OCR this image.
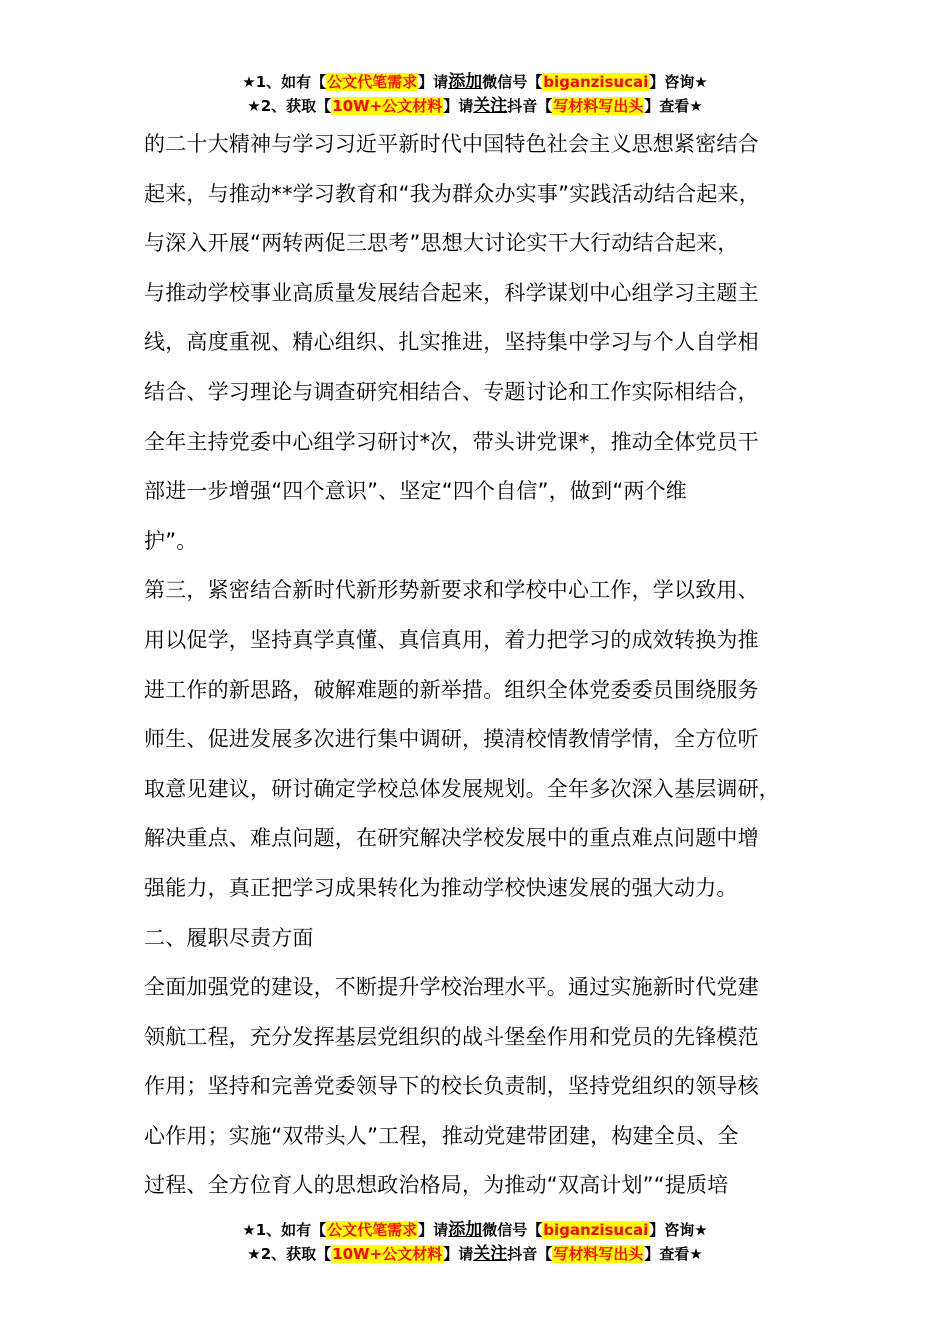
★1、如有【公文代笔需求】请添加微信号【biganzisucai】咨询★
★2、获取【10W+公文材料】请关注抖音【写材料写出头】查看★

的二十大精神与学习习近平新时代中国特色社会主义思想紧密结合

起来，与推动**学习教育和“我为群众办实事”实践活动结合起来，

与深入开展“两转两促三思考”思想大讨论实干大行动结合起来，

与推动学校事业高质量发展结合起来，科学谋划中心组学习主题主

线，高度重视、精心组织、扎实推进，坚持集中学习与个人自学相

结合、学习理论与调查研究相结合、专题讨论和工作实际相结合，

全年主持党委中心组学习研讨*次，带头讲党课*，推动全体党员干

部进一步增强“四个意识”、坚定“四个自信”，做到“两个维

护”。

第三，紧密结合新时代新形势新要求和学校中心工作，学以致用、

用以促学，坚持真学真懂、真信真用，着力把学习的成效转换为推

进工作的新思路，破解难题的新举措。组织全体党委委员围绕服务

师生、促进发展多次进行集中调研，摸清校情教情学情，全方位听

取意见建议，研讨确定学校总体发展规划。全年多次深入基层调研，

解决重点、难点问题，在研究解决学校发展中的重点难点问题中增

强能力，真正把学习成果转化为推动学校快速发展的强大动力。

二、履职尽责方面

全面加强党的建设，不断提升学校治理水平。通过实施新时代党建

领航工程，充分发挥基层党组织的战斗堡垒作用和党员的先锋模范

作用；坚持和完善党委领导下的校长负责制，坚持党组织的领导核

心作用；实施“双带头人”工程，推动党建带团建，构建全员、全

过程、全方位育人的思想政治格局，为推动“双高计划”“提质培

★1、如有【公文代笔需求】请添加微信号【biganzisucai】咨询★
★2、获取【10W+公文材料】请关注抖音【写材料写出头】查看★
